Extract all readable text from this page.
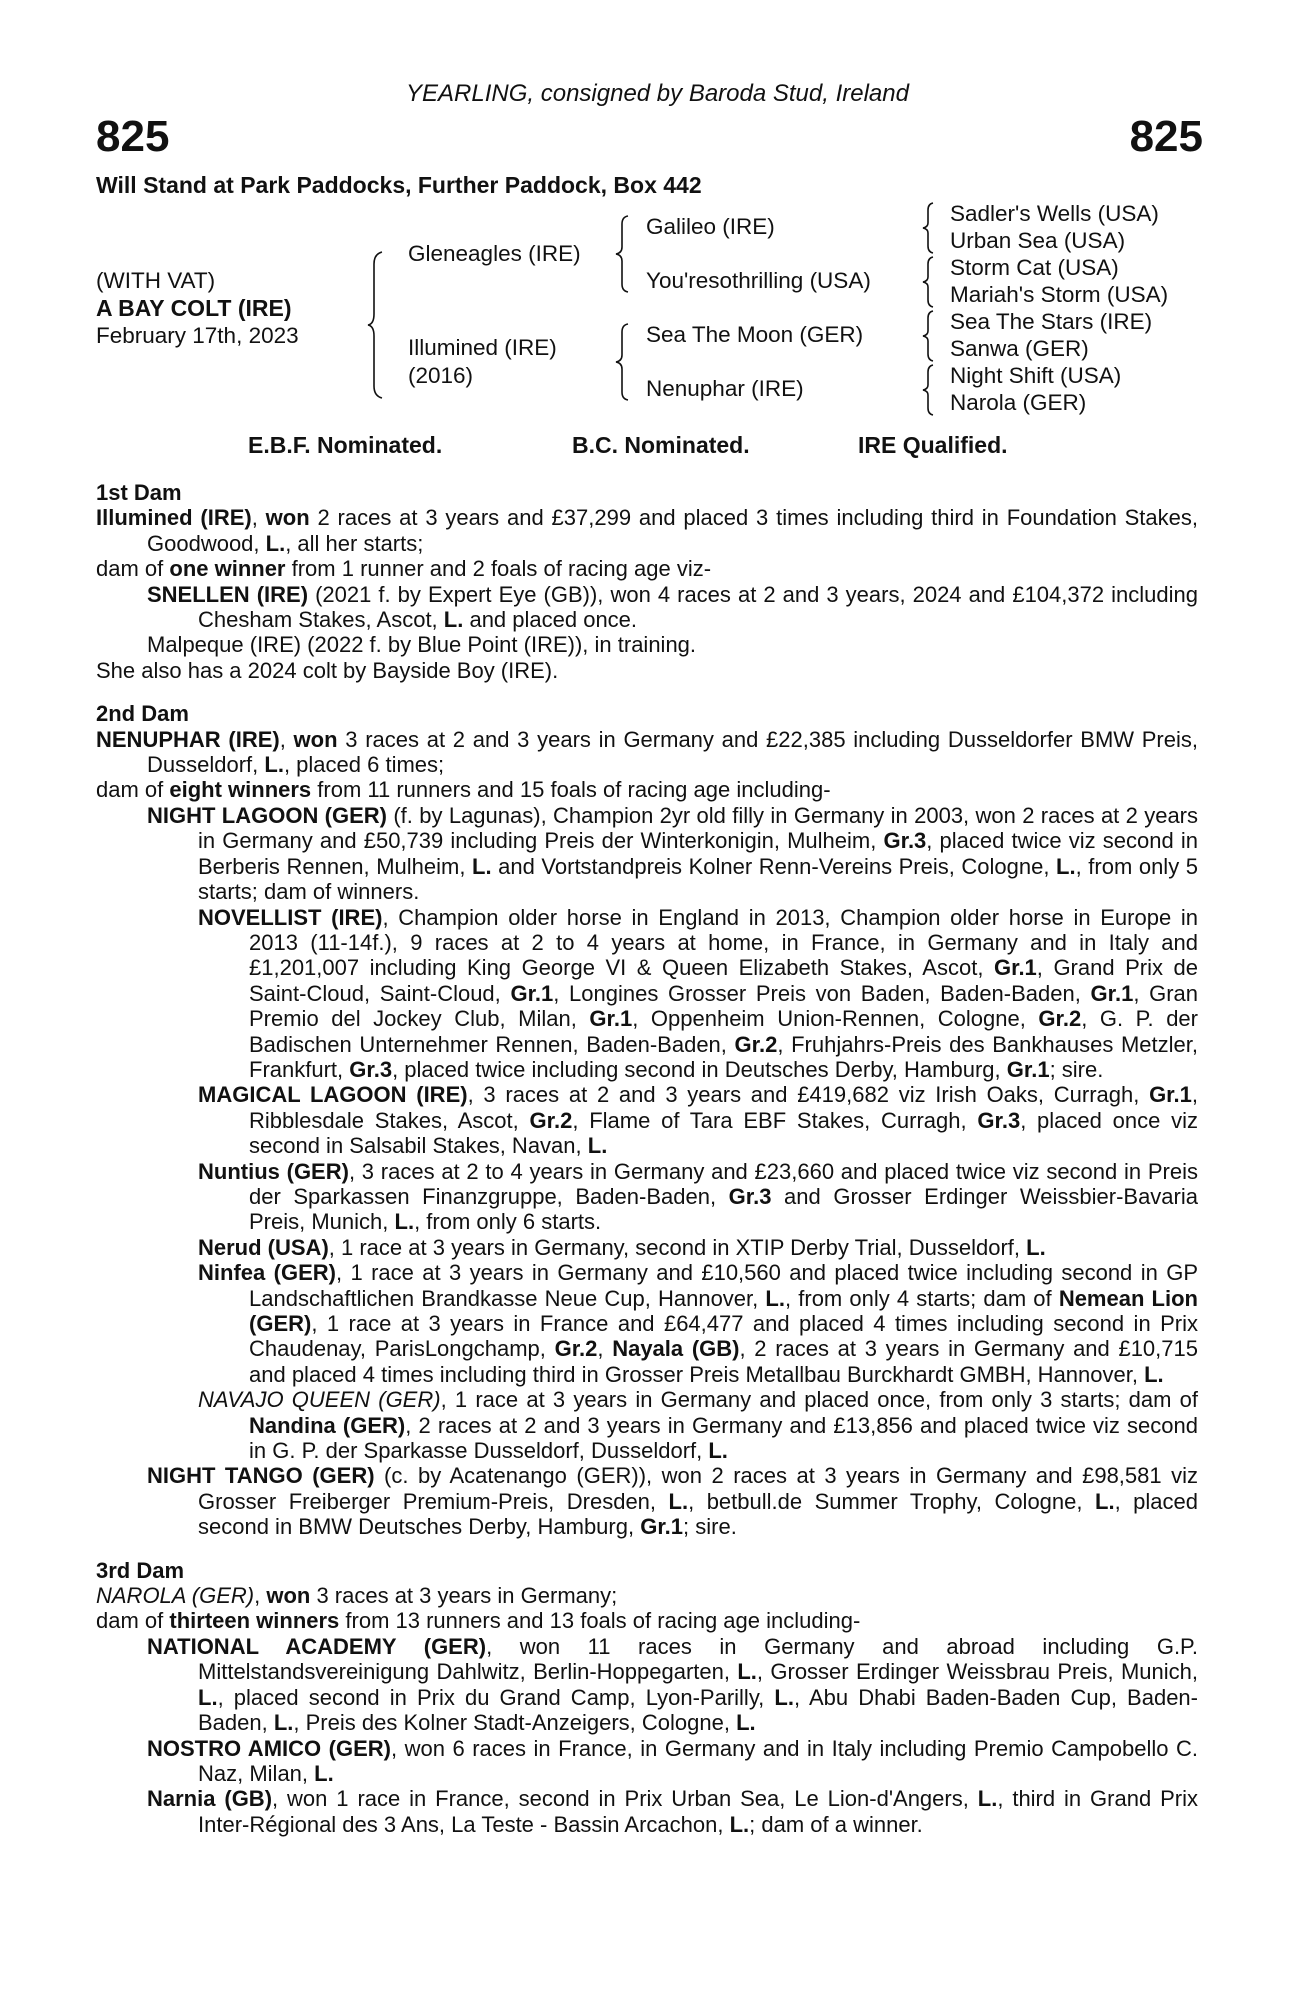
YEARLING, consigned by Baroda Stud, Ireland
825	825
Will Stand at Park Paddocks, Further Paddock, Box 442
(WITH VAT)
A BAY COLT (IRE)
February 17th, 2023
Gleneagles (IRE)
Illumined (IRE)
(2016)
Galileo (IRE)
You'resothrilling (USA)
Sea The Moon (GER)
Nenuphar (IRE)
Sadler's Wells (USA)
Urban Sea (USA)
Storm Cat (USA)
Mariah's Storm (USA)
Sea The Stars (IRE)
Sanwa (GER)
Night Shift (USA)
Narola (GER)
E.B.F. Nominated.	B.C. Nominated.	IRE Qualified.
1st Dam

Illumined (IRE), won 2 races at 3 years and £37,299 and placed 3 times including third in Foundation Stakes, Goodwood, L., all her starts;

dam of one winner from 1 runner and 2 foals of racing age viz-

SNELLEN (IRE) (2021 f. by Expert Eye (GB)), won 4 races at 2 and 3 years, 2024 and £104,372 including Chesham Stakes, Ascot, L. and placed once.

Malpeque (IRE) (2022 f. by Blue Point (IRE)), in training.

She also has a 2024 colt by Bayside Boy (IRE).

2nd Dam

NENUPHAR (IRE), won 3 races at 2 and 3 years in Germany and £22,385 including Dusseldorfer BMW Preis, Dusseldorf, L., placed 6 times;

dam of eight winners from 11 runners and 15 foals of racing age including-

NIGHT LAGOON (GER) (f. by Lagunas), Champion 2yr old filly in Germany in 2003, won 2 races at 2 years in Germany and £50,739 including Preis der Winterkonigin, Mulheim, Gr.3, placed twice viz second in Berberis Rennen, Mulheim, L. and Vortstandpreis Kolner Renn-Vereins Preis, Cologne, L., from only 5 starts; dam of winners.

NOVELLIST (IRE), Champion older horse in England in 2013, Champion older horse in Europe in 2013 (11-14f.), 9 races at 2 to 4 years at home, in France, in Germany and in Italy and £1,201,007 including King George VI & Queen Elizabeth Stakes, Ascot, Gr.1, Grand Prix de Saint-Cloud, Saint-Cloud, Gr.1, Longines Grosser Preis von Baden, Baden-Baden, Gr.1, Gran Premio del Jockey Club, Milan, Gr.1, Oppenheim Union-Rennen, Cologne, Gr.2, G. P. der Badischen Unternehmer Rennen, Baden-Baden, Gr.2, Fruhjahrs-Preis des Bankhauses Metzler, Frankfurt, Gr.3, placed twice including second in Deutsches Derby, Hamburg, Gr.1; sire.

MAGICAL LAGOON (IRE), 3 races at 2 and 3 years and £419,682 viz Irish Oaks, Curragh, Gr.1, Ribblesdale Stakes, Ascot, Gr.2, Flame of Tara EBF Stakes, Curragh, Gr.3, placed once viz second in Salsabil Stakes, Navan, L.

Nuntius (GER), 3 races at 2 to 4 years in Germany and £23,660 and placed twice viz second in Preis der Sparkassen Finanzgruppe, Baden-Baden, Gr.3 and Grosser Erdinger Weissbier-Bavaria Preis, Munich, L., from only 6 starts.

Nerud (USA), 1 race at 3 years in Germany, second in XTIP Derby Trial, Dusseldorf, L.

Ninfea (GER), 1 race at 3 years in Germany and £10,560 and placed twice including second in GP Landschaftlichen Brandkasse Neue Cup, Hannover, L., from only 4 starts; dam of Nemean Lion (GER), 1 race at 3 years in France and £64,477 and placed 4 times including second in Prix Chaudenay, ParisLongchamp, Gr.2, Nayala (GB), 2 races at 3 years in Germany and £10,715 and placed 4 times including third in Grosser Preis Metallbau Burckhardt GMBH, Hannover, L.

NAVAJO QUEEN (GER), 1 race at 3 years in Germany and placed once, from only 3 starts; dam of Nandina (GER), 2 races at 2 and 3 years in Germany and £13,856 and placed twice viz second in G. P. der Sparkasse Dusseldorf, Dusseldorf, L.

NIGHT TANGO (GER) (c. by Acatenango (GER)), won 2 races at 3 years in Germany and £98,581 viz Grosser Freiberger Premium-Preis, Dresden, L., betbull.de Summer Trophy, Cologne, L., placed second in BMW Deutsches Derby, Hamburg, Gr.1; sire.

3rd Dam

NAROLA (GER), won 3 races at 3 years in Germany;

dam of thirteen winners from 13 runners and 13 foals of racing age including-

NATIONAL ACADEMY (GER), won 11 races in Germany and abroad including G.P. Mittelstandsvereinigung Dahlwitz, Berlin-Hoppegarten, L., Grosser Erdinger Weissbrau Preis, Munich, L., placed second in Prix du Grand Camp, Lyon-Parilly, L., Abu Dhabi Baden-Baden Cup, Baden-Baden, L., Preis des Kolner Stadt-Anzeigers, Cologne, L.

NOSTRO AMICO (GER), won 6 races in France, in Germany and in Italy including Premio Campobello C. Naz, Milan, L.

Narnia (GB), won 1 race in France, second in Prix Urban Sea, Le Lion-d'Angers, L., third in Grand Prix Inter-Régional des 3 Ans, La Teste - Bassin Arcachon, L.; dam of a winner.
